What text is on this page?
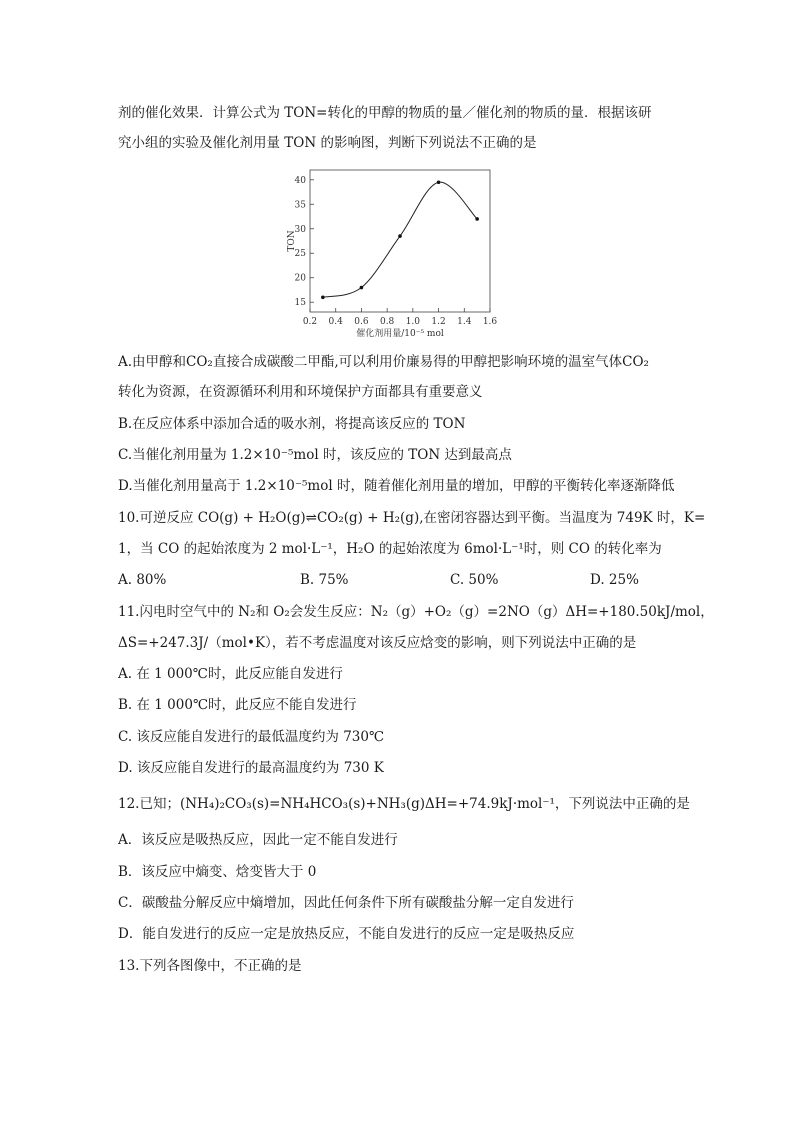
剂的催化效果．计算公式为 TON=转化的甲醇的物质的量／催化剂的物质的量．根据该研
究小组的实验及催化剂用量 TON 的影响图，判断下列说法不正确的是
15
20
25
30
35
40
0.2 0.4 0.6 0.8 1.0 1.2 1.4 1.6
TON
催化剂用量/10⁻⁵ mol
A.由甲醇和CO₂直接合成碳酸二甲酯,可以利用价廉易得的甲醇把影响环境的温室气体CO₂
转化为资源，在资源循环利用和环境保护方面都具有重要意义
B.在反应体系中添加合适的吸水剂，将提高该反应的 TON
C.当催化剂用量为 1.2×10⁻⁵mol 时，该反应的 TON 达到最高点
D.当催化剂用量高于 1.2×10⁻⁵mol 时，随着催化剂用量的增加，甲醇的平衡转化率逐渐降低
10.可逆反应 CO(g) + H₂O(g)⇌CO₂(g) + H₂(g),在密闭容器达到平衡。当温度为 749K 时，K=
1，当 CO 的起始浓度为 2 mol·L⁻¹，H₂O 的起始浓度为 6mol·L⁻¹时，则 CO 的转化率为
A. 80%	B. 75%	C. 50%	D. 25%
11.闪电时空气中的 N₂和 O₂会发生反应：N₂（g）+O₂（g）=2NO（g）ΔH=+180.50kJ/mol，
ΔS=+247.3J/（mol•K），若不考虑温度对该反应焓变的影响，则下列说法中正确的是
A. 在 1 000℃时，此反应能自发进行
B. 在 1 000℃时，此反应不能自发进行
C. 该反应能自发进行的最低温度约为 730℃
D. 该反应能自发进行的最高温度约为 730 K
12.已知；(NH₄)₂CO₃(s)=NH₄HCO₃(s)+NH₃(g)ΔH=+74.9kJ·mol⁻¹，下列说法中正确的是
A．该反应是吸热反应，因此一定不能自发进行
B．该反应中熵变、焓变皆大于 0
C．碳酸盐分解反应中熵增加，因此任何条件下所有碳酸盐分解一定自发进行
D．能自发进行的反应一定是放热反应，不能自发进行的反应一定是吸热反应
13.下列各图像中，不正确的是
